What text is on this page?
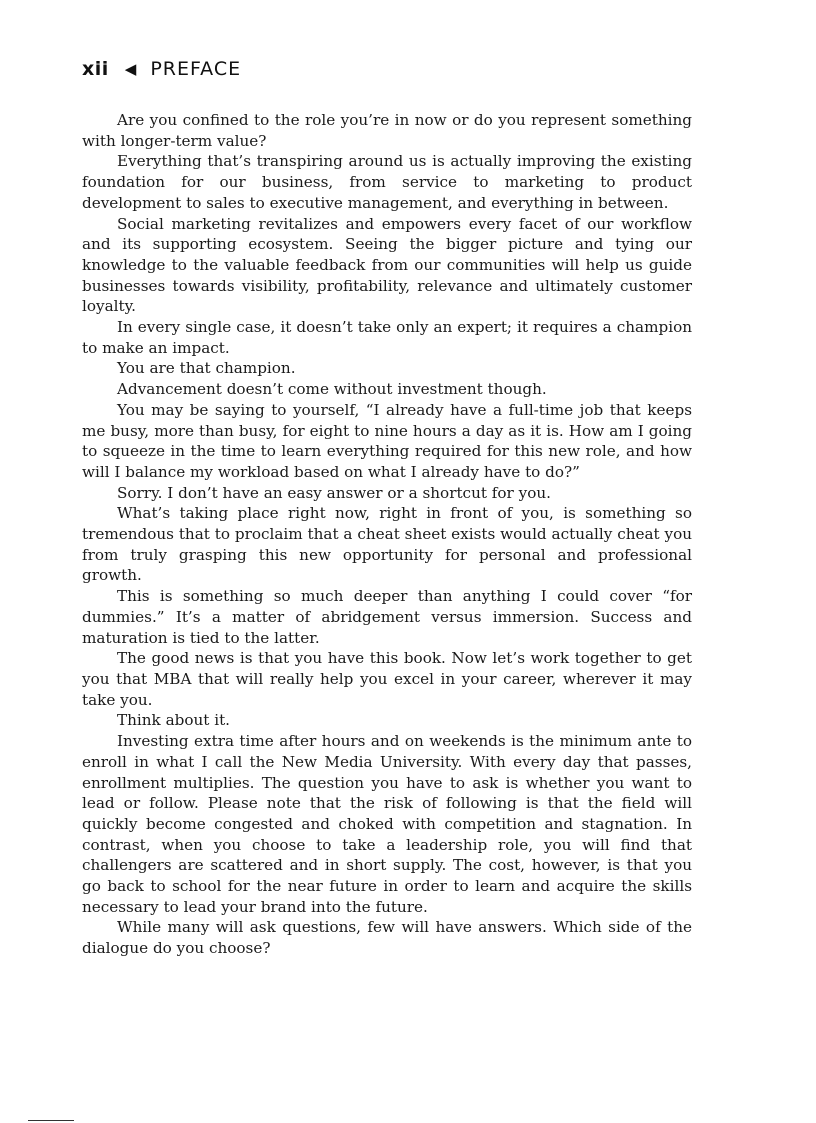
xii ◀ PREFACE

Are you confined to the role you’re in now or do you represent something with longer-term value?

Everything that’s transpiring around us is actually improving the existing foundation for our business, from service to marketing to product development to sales to executive management, and everything in between.

Social marketing revitalizes and empowers every facet of our workflow and its supporting ecosystem. Seeing the bigger picture and tying our knowledge to the valuable feedback from our communities will help us guide businesses towards visibility, profitability, relevance and ultimately customer loyalty.

In every single case, it doesn’t take only an expert; it requires a champion to make an impact.

You are that champion.

Advancement doesn’t come without investment though.

You may be saying to yourself, “I already have a full-time job that keeps me busy, more than busy, for eight to nine hours a day as it is. How am I going to squeeze in the time to learn everything required for this new role, and how will I balance my workload based on what I already have to do?”

Sorry. I don’t have an easy answer or a shortcut for you.

What’s taking place right now, right in front of you, is something so tremendous that to proclaim that a cheat sheet exists would actually cheat you from truly grasping this new opportunity for personal and professional growth.

This is something so much deeper than anything I could cover “for dummies.” It’s a matter of abridgement versus immersion. Success and maturation is tied to the latter.

The good news is that you have this book. Now let’s work together to get you that MBA that will really help you excel in your career, wherever it may take you.

Think about it.

Investing extra time after hours and on weekends is the minimum ante to enroll in what I call the New Media University. With every day that passes, enrollment multiplies. The question you have to ask is whether you want to lead or follow. Please note that the risk of following is that the field will quickly become congested and choked with competition and stagnation. In contrast, when you choose to take a leadership role, you will find that challengers are scattered and in short supply. The cost, however, is that you go back to school for the near future in order to learn and acquire the skills necessary to lead your brand into the future.

While many will ask questions, few will have answers. Which side of the dialogue do you choose?
